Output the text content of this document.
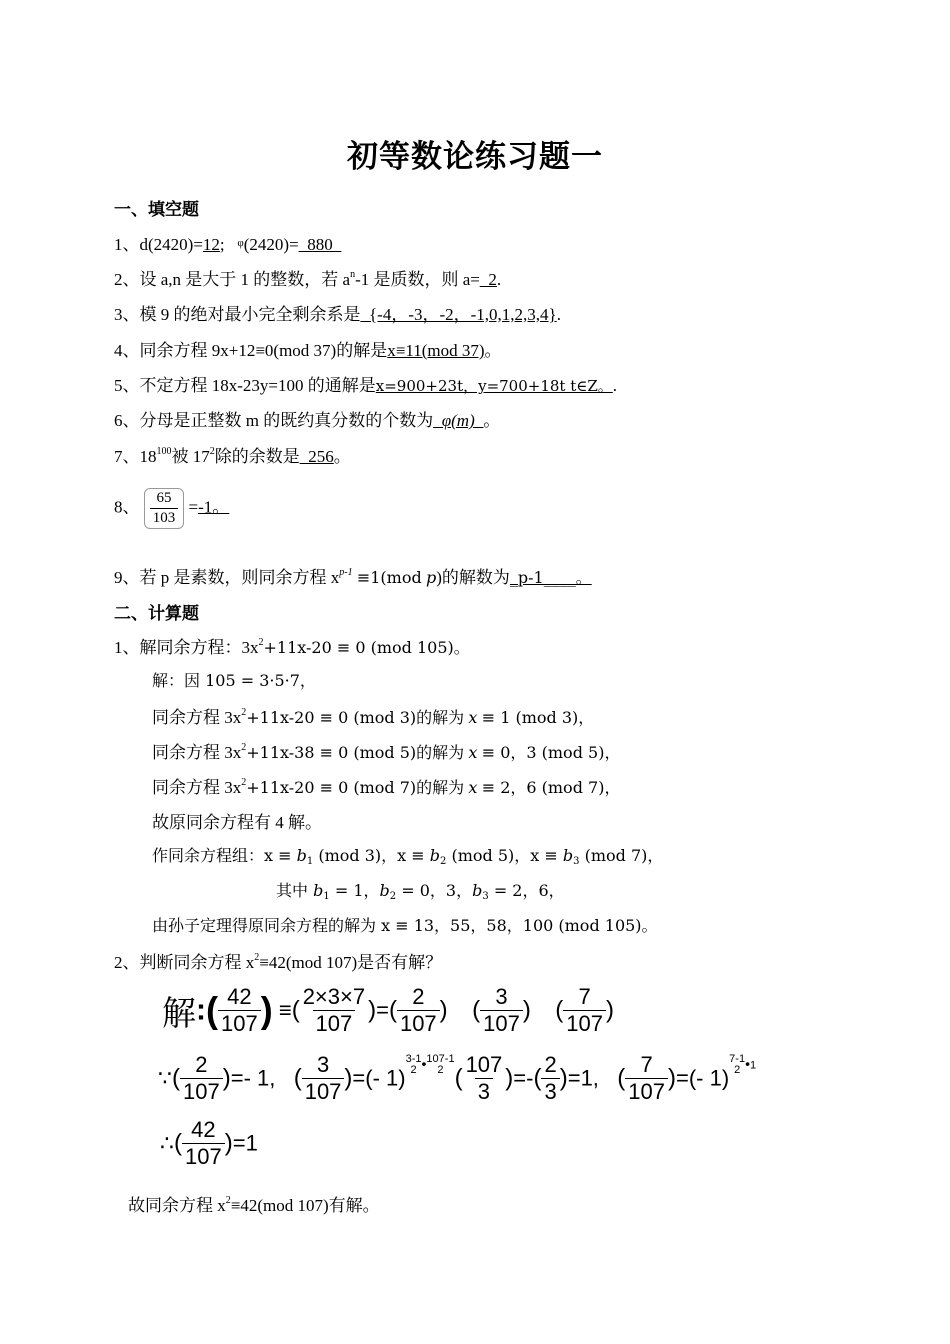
初等数论练习题一
一、填空题
1、d(2420)=12; $^\varphi$(2420)=_880_
2、设 a,n 是大于 1 的整数，若 $a^n-1$ 是质数，则 a=_2.
3、模 9 的绝对最小完全剩余系是_{-4，-3，-2，-1,0,1,2,3,4}.
4、同余方程 9x+12≡0(mod 37)的解是x≡11(mod 37)。
5、不定方程 18x-23y=100 的通解是x=900+23t，y=700+18t t∈Z。.
6、分母是正整数 m 的既约真分数的个数为_φ(m)_。
7、$18^{100}$被 $17^2$除的余数是_256。
8、 $\frac{65}{103} =-1$。
9、若 p 是素数，则同余方程 $x^{p-1} \equiv 1(mod$ p)的解数为_p-1____。
二、计算题
1、解同余方程：$3x^2+11x-20 \equiv 0$ (mod 105)。
解：因 105 = 3·5·7，
同余方程 $3x^2+11x-20 \equiv 0$ (mod 3)的解为 x ≡ 1 (mod 3)，
同余方程 $3x^2+11x-38 \equiv 0$ (mod 5)的解为 x ≡ 0，3 (mod 5)，
同余方程 $3x^2+11x-20 \equiv 0$ (mod 7)的解为 x ≡ 2，6 (mod 7)，
故原同余方程有 4 解。
作同余方程组：$x \equiv b_1$ (mod 3)，$x \equiv b_2$ (mod 5)，$x \equiv b_3$ (mod 7)，
其中 $b_1 = 1$，$b_2 = 0$，3，$b_3 = 2$，6，
由孙子定理得原同余方程的解为 x ≡ 13，55，58，100 (mod 105)。
2、判断同余方程 $x^2\equiv 42(mod$ 107)是否有解？
解:( $\frac{42}{107}$ ) ≡( $\frac{2\times 3\times 7}{107}$ )=( $\frac{2}{107}$ ) ( $\frac{3}{107}$ ) ( $\frac{7}{107}$ )
∵( $\frac{2}{107}$ )=- 1, ( $\frac{3}{107}$ )=(- 1)
3-1
2 • 107-1
2 ( $\frac{107}{3}$ )=-( $\frac{2}{3} )=1$, ( $\frac{7}{107}$ )=(- 1)
7-1
2 $^{•1}$
∴( $\frac{42}{107} )=1$
故同余方程 $x^2\equiv 42(mod$ 107)有解。
